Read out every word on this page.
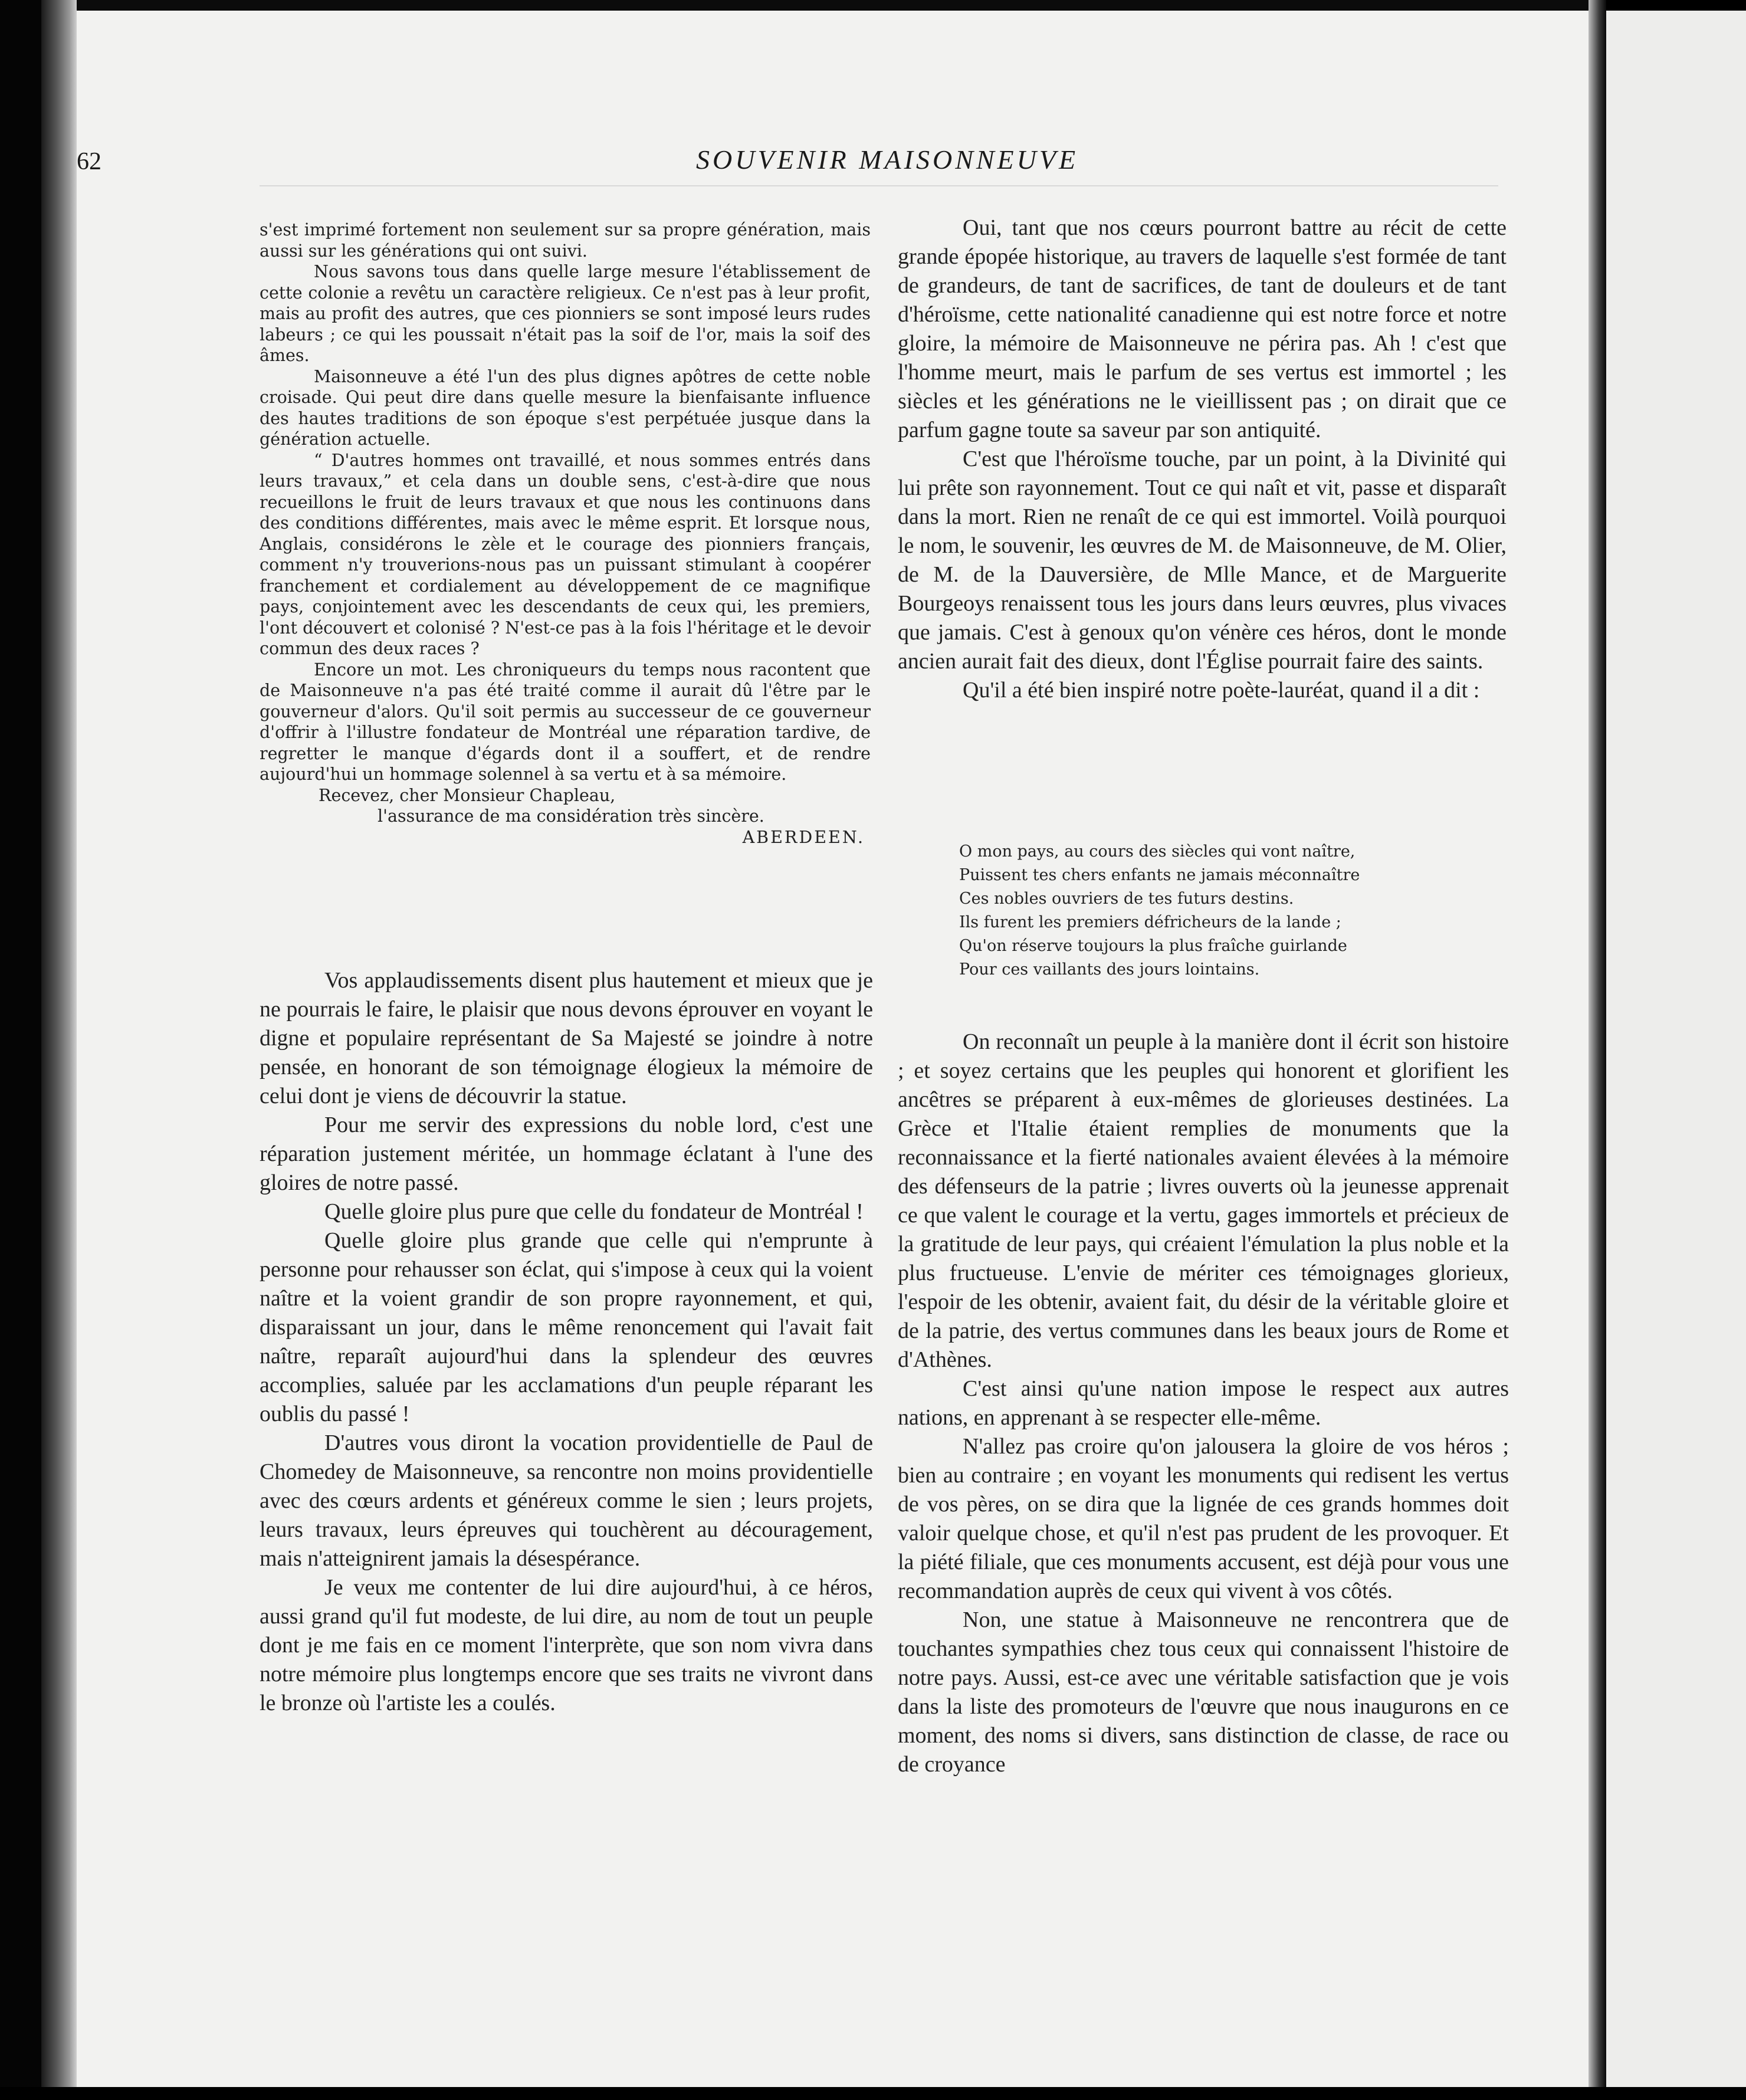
62	SOUVENIR MAISONNEUVE

s'est imprimé fortement non seulement sur sa propre génération, mais aussi sur les générations qui ont suivi.

Nous savons tous dans quelle large mesure l'établissement de cette colonie a revêtu un caractère religieux. Ce n'est pas à leur profit, mais au profit des autres, que ces pionniers se sont imposé leurs rudes labeurs ; ce qui les poussait n'était pas la soif de l'or, mais la soif des âmes.

Maisonneuve a été l'un des plus dignes apôtres de cette noble croisade. Qui peut dire dans quelle mesure la bienfaisante influence des hautes traditions de son époque s'est perpétuée jusque dans la génération actuelle.

“ D'autres hommes ont travaillé, et nous sommes entrés dans leurs travaux,” et cela dans un double sens, c'est-à-dire que nous recueillons le fruit de leurs travaux et que nous les continuons dans des conditions différentes, mais avec le même esprit. Et lorsque nous, Anglais, considérons le zèle et le courage des pionniers français, comment n'y trouverions-nous pas un puissant stimulant à coopérer franchement et cordialement au développement de ce magnifique pays, conjointement avec les descendants de ceux qui, les premiers, l'ont découvert et colonisé ? N'est-ce pas à la fois l'héritage et le devoir commun des deux races ?

Encore un mot. Les chroniqueurs du temps nous racontent que de Maisonneuve n'a pas été traité comme il aurait dû l'être par le gouverneur d'alors. Qu'il soit permis au successeur de ce gouverneur d'offrir à l'illustre fondateur de Montréal une réparation tardive, de regretter le manque d'égards dont il a souffert, et de rendre aujourd'hui un hommage solennel à sa vertu et à sa mémoire.

Recevez, cher Monsieur Chapleau,

l'assurance de ma considération très sincère.

ABERDEEN.

Vos applaudissements disent plus hautement et mieux que je ne pourrais le faire, le plaisir que nous devons éprouver en voyant le digne et populaire représentant de Sa Majesté se joindre à notre pensée, en honorant de son témoignage élogieux la mémoire de celui dont je viens de découvrir la statue.

Pour me servir des expressions du noble lord, c'est une réparation justement méritée, un hommage éclatant à l'une des gloires de notre passé.

Quelle gloire plus pure que celle du fondateur de Montréal !

Quelle gloire plus grande que celle qui n'emprunte à personne pour rehausser son éclat, qui s'impose à ceux qui la voient naître et la voient grandir de son propre rayonnement, et qui, disparaissant un jour, dans le même renoncement qui l'avait fait naître, reparaît aujourd'hui dans la splendeur des œuvres accomplies, saluée par les acclamations d'un peuple réparant les oublis du passé !

D'autres vous diront la vocation providentielle de Paul de Chomedey de Maisonneuve, sa rencontre non moins providentielle avec des cœurs ardents et généreux comme le sien ; leurs projets, leurs travaux, leurs épreuves qui touchèrent au découragement, mais n'atteignirent jamais la désespérance.

Je veux me contenter de lui dire aujourd'hui, à ce héros, aussi grand qu'il fut modeste, de lui dire, au nom de tout un peuple dont je me fais en ce moment l'interprète, que son nom vivra dans notre mémoire plus longtemps encore que ses traits ne vivront dans le bronze où l'artiste les a coulés.

Oui, tant que nos cœurs pourront battre au récit de cette grande épopée historique, au travers de laquelle s'est formée de tant de grandeurs, de tant de sacrifices, de tant de douleurs et de tant d'héroïsme, cette nationalité canadienne qui est notre force et notre gloire, la mémoire de Maisonneuve ne périra pas. Ah ! c'est que l'homme meurt, mais le parfum de ses vertus est immortel ; les siècles et les générations ne le vieillissent pas ; on dirait que ce parfum gagne toute sa saveur par son antiquité.

C'est que l'héroïsme touche, par un point, à la Divinité qui lui prête son rayonnement. Tout ce qui naît et vit, passe et disparaît dans la mort. Rien ne renaît de ce qui est immortel. Voilà pourquoi le nom, le souvenir, les œuvres de M. de Maisonneuve, de M. Olier, de M. de la Dauversière, de Mlle Mance, et de Marguerite Bourgeoys renaissent tous les jours dans leurs œuvres, plus vivaces que jamais. C'est à genoux qu'on vénère ces héros, dont le monde ancien aurait fait des dieux, dont l'Église pourrait faire des saints.

Qu'il a été bien inspiré notre poète-lauréat, quand il a dit :

O mon pays, au cours des siècles qui vont naître,
Puissent tes chers enfants ne jamais méconnaître
Ces nobles ouvriers de tes futurs destins.
Ils furent les premiers défricheurs de la lande ;
Qu'on réserve toujours la plus fraîche guirlande
Pour ces vaillants des jours lointains.

On reconnaît un peuple à la manière dont il écrit son histoire ; et soyez certains que les peuples qui honorent et glorifient les ancêtres se préparent à eux-mêmes de glorieuses destinées. La Grèce et l'Italie étaient remplies de monuments que la reconnaissance et la fierté nationales avaient élevées à la mémoire des défenseurs de la patrie ; livres ouverts où la jeunesse apprenait ce que valent le courage et la vertu, gages immortels et précieux de la gratitude de leur pays, qui créaient l'émulation la plus noble et la plus fructueuse. L'envie de mériter ces témoignages glorieux, l'espoir de les obtenir, avaient fait, du désir de la véritable gloire et de la patrie, des vertus communes dans les beaux jours de Rome et d'Athènes.

C'est ainsi qu'une nation impose le respect aux autres nations, en apprenant à se respecter elle-même.

N'allez pas croire qu'on jalousera la gloire de vos héros ; bien au contraire ; en voyant les monuments qui redisent les vertus de vos pères, on se dira que la lignée de ces grands hommes doit valoir quelque chose, et qu'il n'est pas prudent de les provoquer. Et la piété filiale, que ces monuments accusent, est déjà pour vous une recommandation auprès de ceux qui vivent à vos côtés.

Non, une statue à Maisonneuve ne rencontrera que de touchantes sympathies chez tous ceux qui connaissent l'histoire de notre pays. Aussi, est-ce avec une véritable satisfaction que je vois dans la liste des promoteurs de l'œuvre que nous inaugurons en ce moment, des noms si divers, sans distinction de classe, de race ou de croyance
